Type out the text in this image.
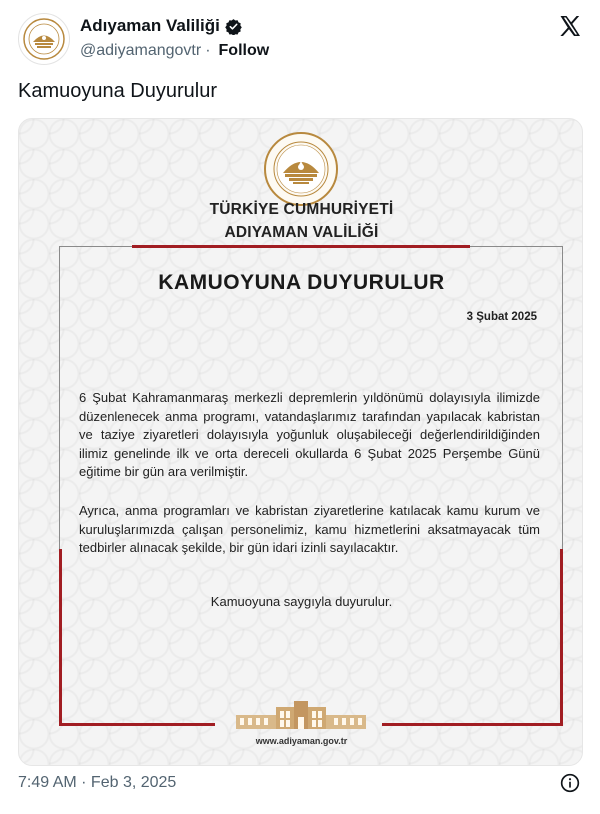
Adıyaman Valiliği
@adiyamangovtr · Follow
Kamuoyuna Duyurulur
TÜRKİYE CUMHURİYETİ
ADIYAMAN VALİLİĞİ
KAMUOYUNA DUYURULUR
3 Şubat 2025
6 Şubat Kahramanmaraş merkezli depremlerin yıldönümü dolayısıyla ilimizde düzenlenecek anma programı, vatandaşlarımız tarafından yapılacak kabristan ve taziye ziyaretleri dolayısıyla yoğunluk oluşabileceği değerlendirildiğinden ilimiz genelinde ilk ve orta dereceli okullarda 6 Şubat 2025 Perşembe Günü eğitime bir gün ara verilmiştir.
Ayrıca, anma programları ve kabristan ziyaretlerine katılacak kamu kurum ve kuruluşlarımızda çalışan personelimiz, kamu hizmetlerini aksatmayacak tüm tedbirler alınacak şekilde, bir gün idari izinli sayılacaktır.
Kamuoyuna saygıyla duyurulur.
www.adiyaman.gov.tr
7:49 AM · Feb 3, 2025
